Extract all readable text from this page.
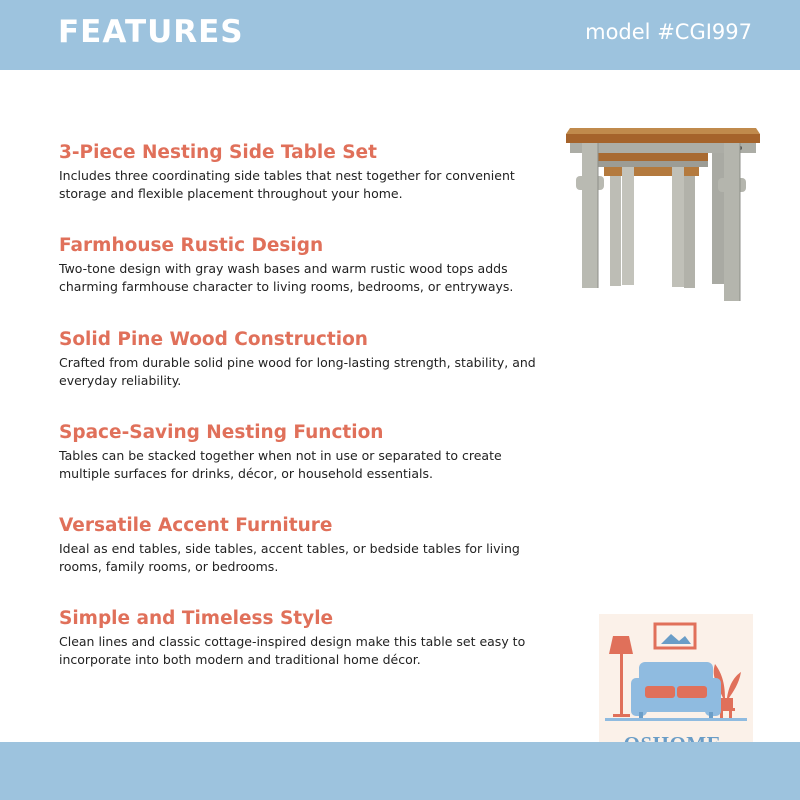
FEATURES	model #CGI997
3-Piece Nesting Side Table Set
Includes three coordinating side tables that nest together for convenient storage and flexible placement throughout your home.
Farmhouse Rustic Design
Two-tone design with gray wash bases and warm rustic wood tops adds charming farmhouse character to living rooms, bedrooms, or entryways.
Solid Pine Wood Construction
Crafted from durable solid pine wood for long-lasting strength, stability, and everyday reliability.
Space-Saving Nesting Function
Tables can be stacked together when not in use or separated to create multiple surfaces for drinks, décor, or household essentials.
Versatile Accent Furniture
Ideal as end tables, side tables, accent tables, or bedside tables for living rooms, family rooms, or bedrooms.
Simple and Timeless Style
Clean lines and classic cottage-inspired design make this table set easy to incorporate into both modern and traditional home décor.
